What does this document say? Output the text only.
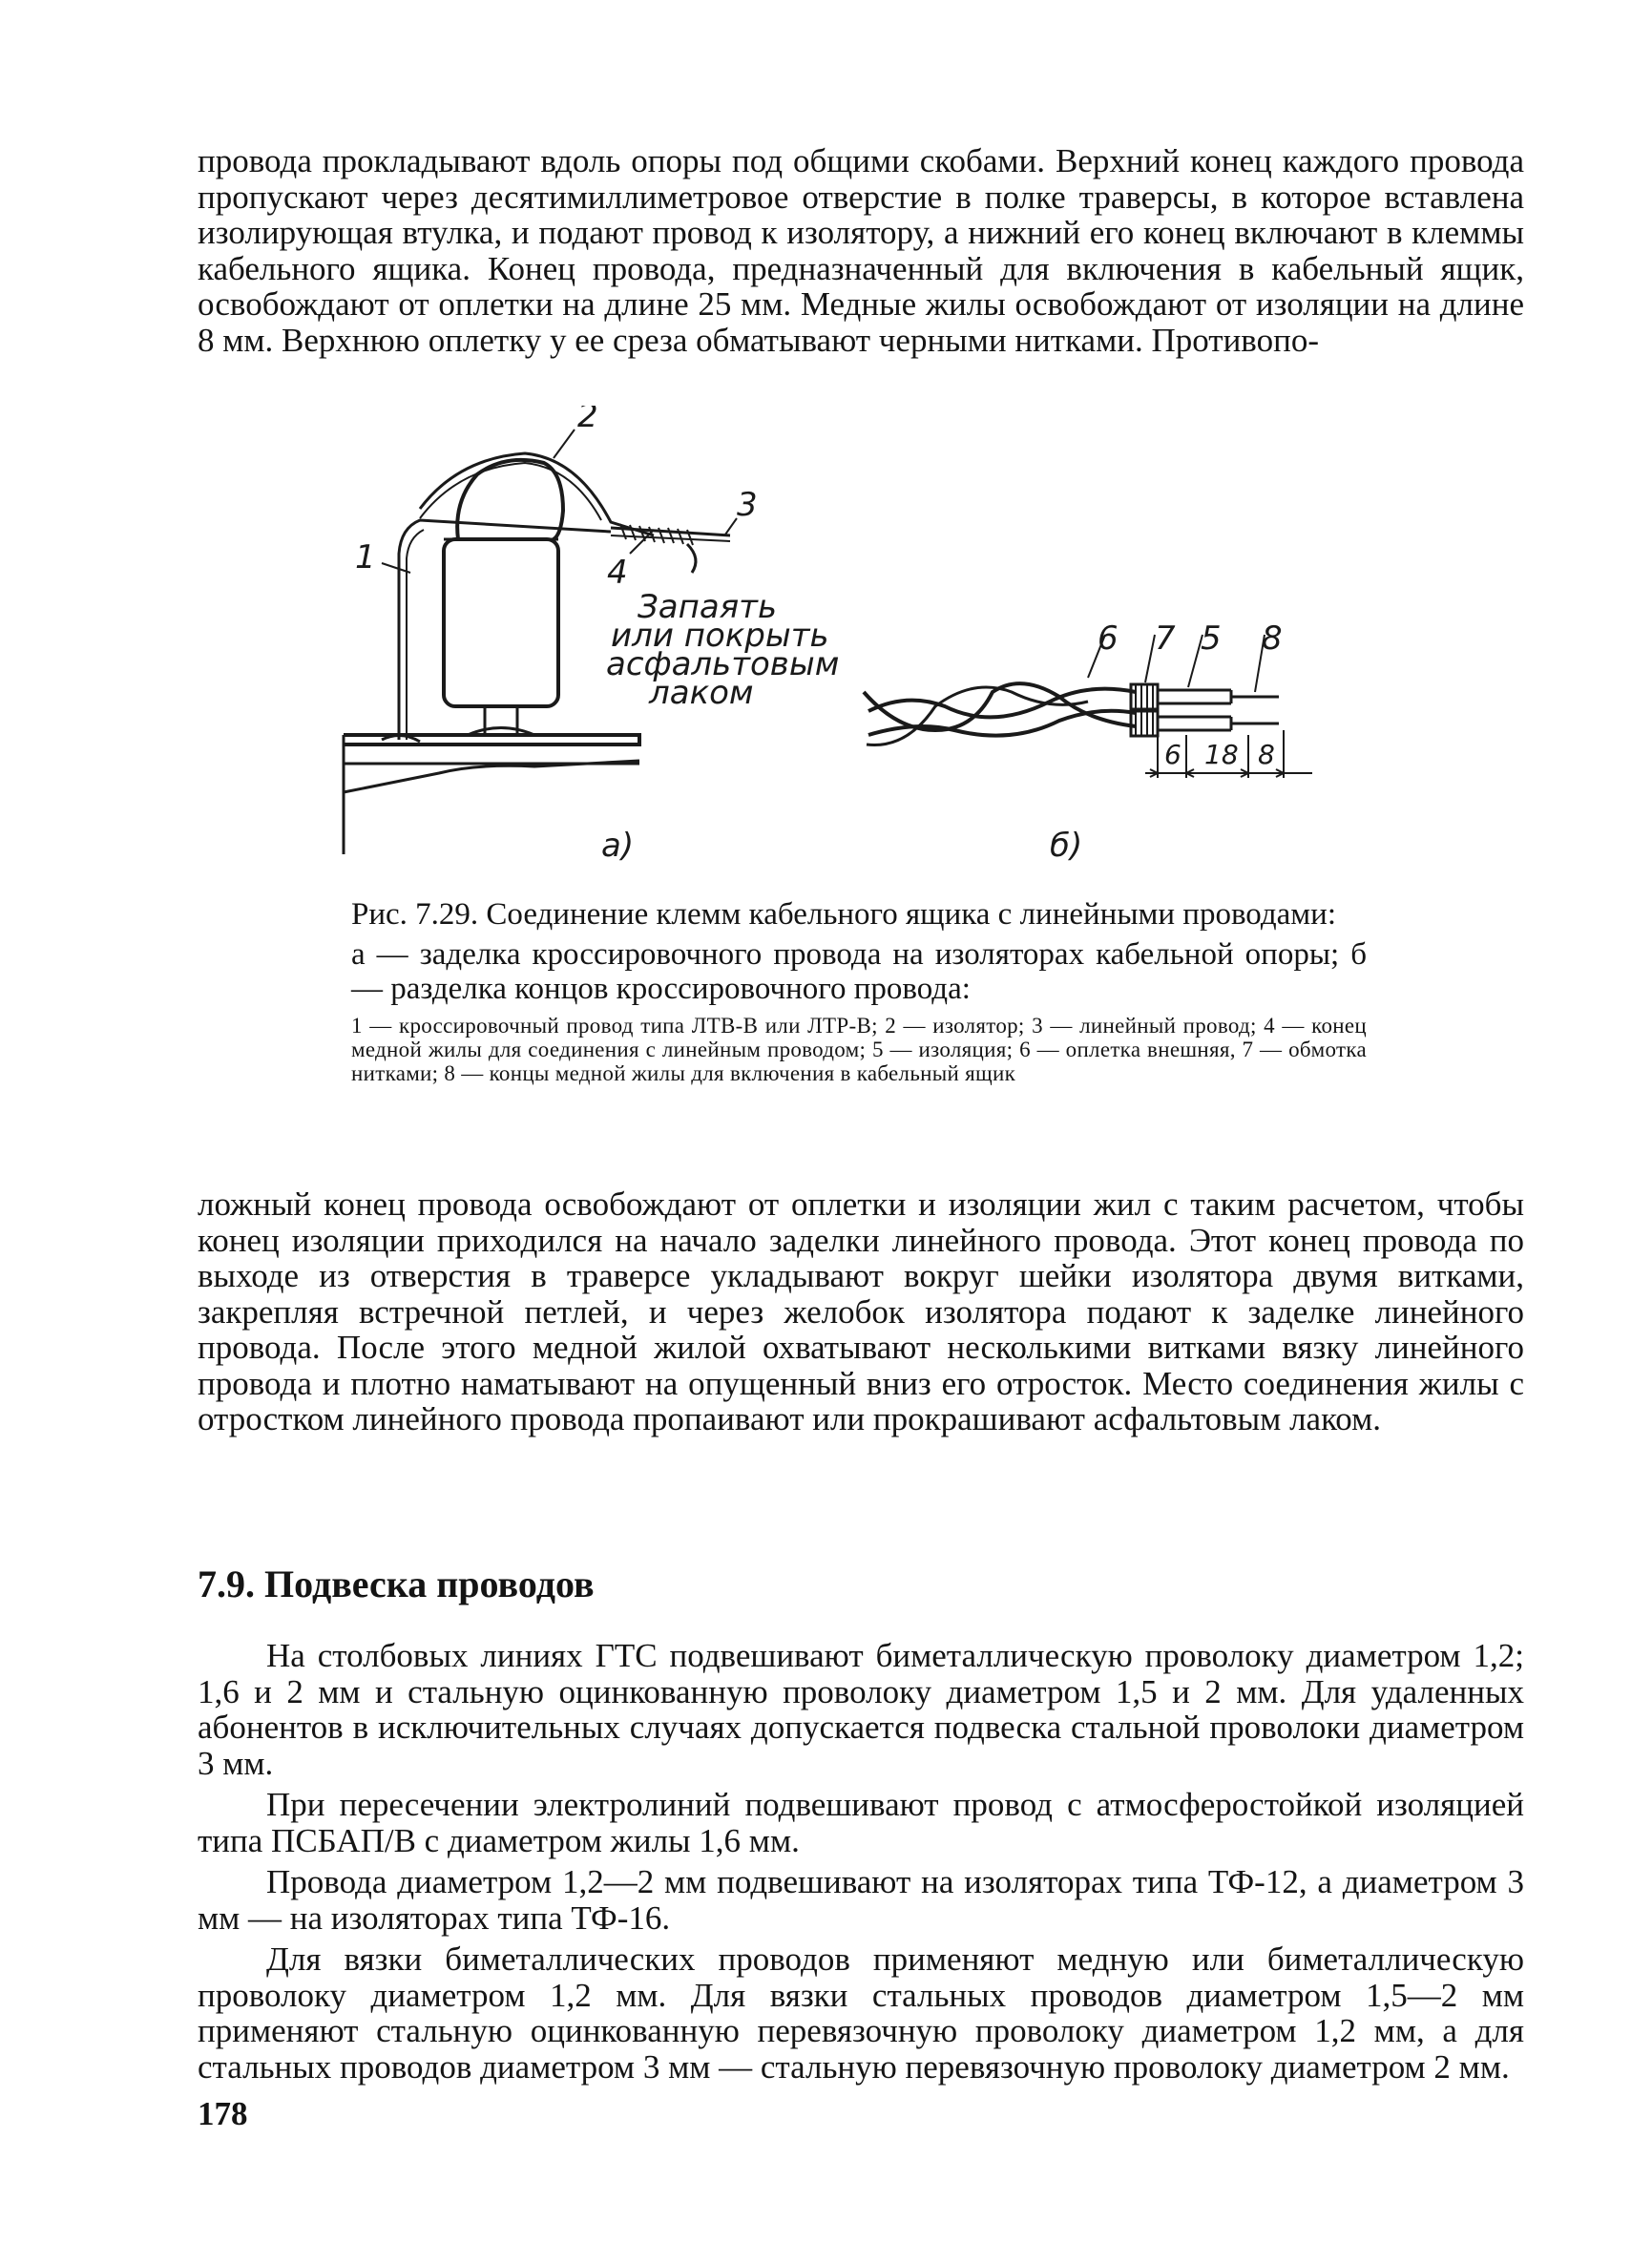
провода прокладывают вдоль опоры под общими скобами. Верхний конец каждого провода пропускают через десятимиллиметровое отверстие в полке траверсы, в которое вставлена изолирующая втулка, и подают провод к изолятору, а нижний его конец включают в клеммы кабельного ящика. Конец провода, предназначенный для включения в кабельный ящик, освобождают от оплетки на длине 25 мм. Медные жилы освобождают от изоляции на длине 8 мм. Верхнюю оплетку у ее среза обматывают черными нитками. Противопо-

2
1
3
4
Запаять
или покрыть
асфальтовым
лаком
6 7 5 8
6 18 8
а)	б)

Рис. 7.29. Соединение клемм кабельного ящика с линейными проводами:

а — заделка кроссировочного провода на изоляторах кабельной опоры; б — разделка концов кроссировочного провода:

1 — кроссировочный провод типа ЛТВ-В или ЛТР-В; 2 — изолятор; 3 — линейный провод; 4 — конец медной жилы для соединения с линейным проводом; 5 — изоляция; 6 — оплетка внешняя, 7 — обмотка нитками; 8 — концы медной жилы для включения в кабельный ящик

ложный конец провода освобождают от оплетки и изоляции жил с таким расчетом, чтобы конец изоляции приходился на начало заделки линейного провода. Этот конец провода по выходе из отверстия в траверсе укладывают вокруг шейки изолятора двумя витками, закрепляя встречной петлей, и через желобок изолятора подают к заделке линейного провода. После этого медной жилой охватывают несколькими витками вязку линейного провода и плотно наматывают на опущенный вниз его отросток. Место соединения жилы с отростком линейного провода пропаивают или прокрашивают асфальтовым лаком.

7.9. Подвеска проводов

На столбовых линиях ГТС подвешивают биметаллическую проволоку диаметром 1,2; 1,6 и 2 мм и стальную оцинкованную проволоку диаметром 1,5 и 2 мм. Для удаленных абонентов в исключительных случаях допускается подвеска стальной проволоки диаметром 3 мм.

При пересечении электролиний подвешивают провод с атмосферостойкой изоляцией типа ПСБАП/В с диаметром жилы 1,6 мм.

Провода диаметром 1,2—2 мм подвешивают на изоляторах типа ТФ-12, а диаметром 3 мм — на изоляторах типа ТФ-16.

Для вязки биметаллических проводов применяют медную или биметаллическую проволоку диаметром 1,2 мм. Для вязки стальных проводов диаметром 1,5—2 мм применяют стальную оцинкованную перевязочную проволоку диаметром 1,2 мм, а для стальных проводов диаметром 3 мм — стальную перевязочную проволоку диаметром 2 мм.

178
